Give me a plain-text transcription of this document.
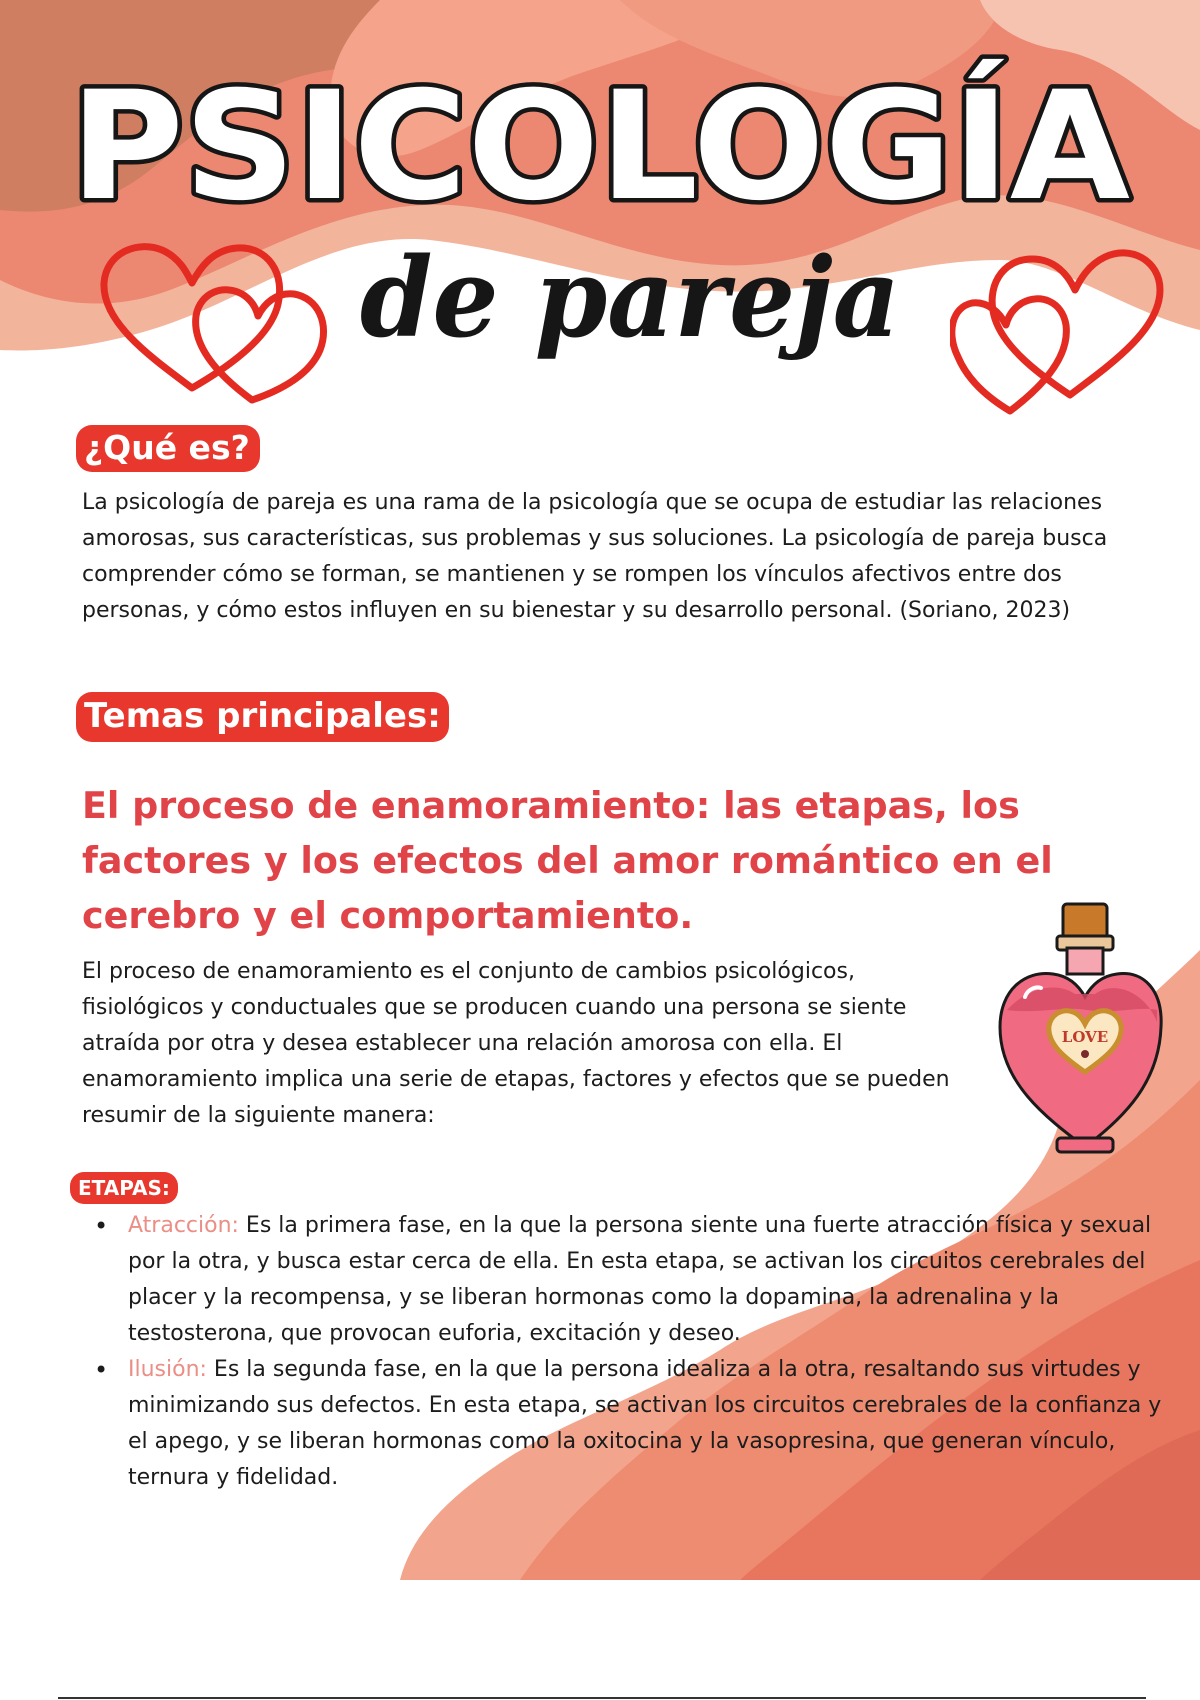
PSICOLOGÍA
de pareja
¿Qué es?

La psicología de pareja es una rama de la psicología que se ocupa de estudiar las relaciones amorosas, sus características, sus problemas y sus soluciones. La psicología de pareja busca comprender cómo se forman, se mantienen y se rompen los vínculos afectivos entre dos personas, y cómo estos influyen en su bienestar y su desarrollo personal. (Soriano, 2023)

Temas principales:
El proceso de enamoramiento: las etapas, los factores y los efectos del amor romántico en el cerebro y el comportamiento.

El proceso de enamoramiento es el conjunto de cambios psicológicos, fisiológicos y conductuales que se producen cuando una persona se siente atraída por otra y desea establecer una relación amorosa con ella. El enamoramiento implica una serie de etapas, factores y efectos que se pueden resumir de la siguiente manera:

LOVE
ETAPAS:
• Atracción: Es la primera fase, en la que la persona siente una fuerte atracción física y sexual por la otra, y busca estar cerca de ella. En esta etapa, se activan los circuitos cerebrales del placer y la recompensa, y se liberan hormonas como la dopamina, la adrenalina y la testosterona, que provocan euforia, excitación y deseo.
• Ilusión: Es la segunda fase, en la que la persona idealiza a la otra, resaltando sus virtudes y minimizando sus defectos. En esta etapa, se activan los circuitos cerebrales de la confianza y el apego, y se liberan hormonas como la oxitocina y la vasopresina, que generan vínculo, ternura y fidelidad.
